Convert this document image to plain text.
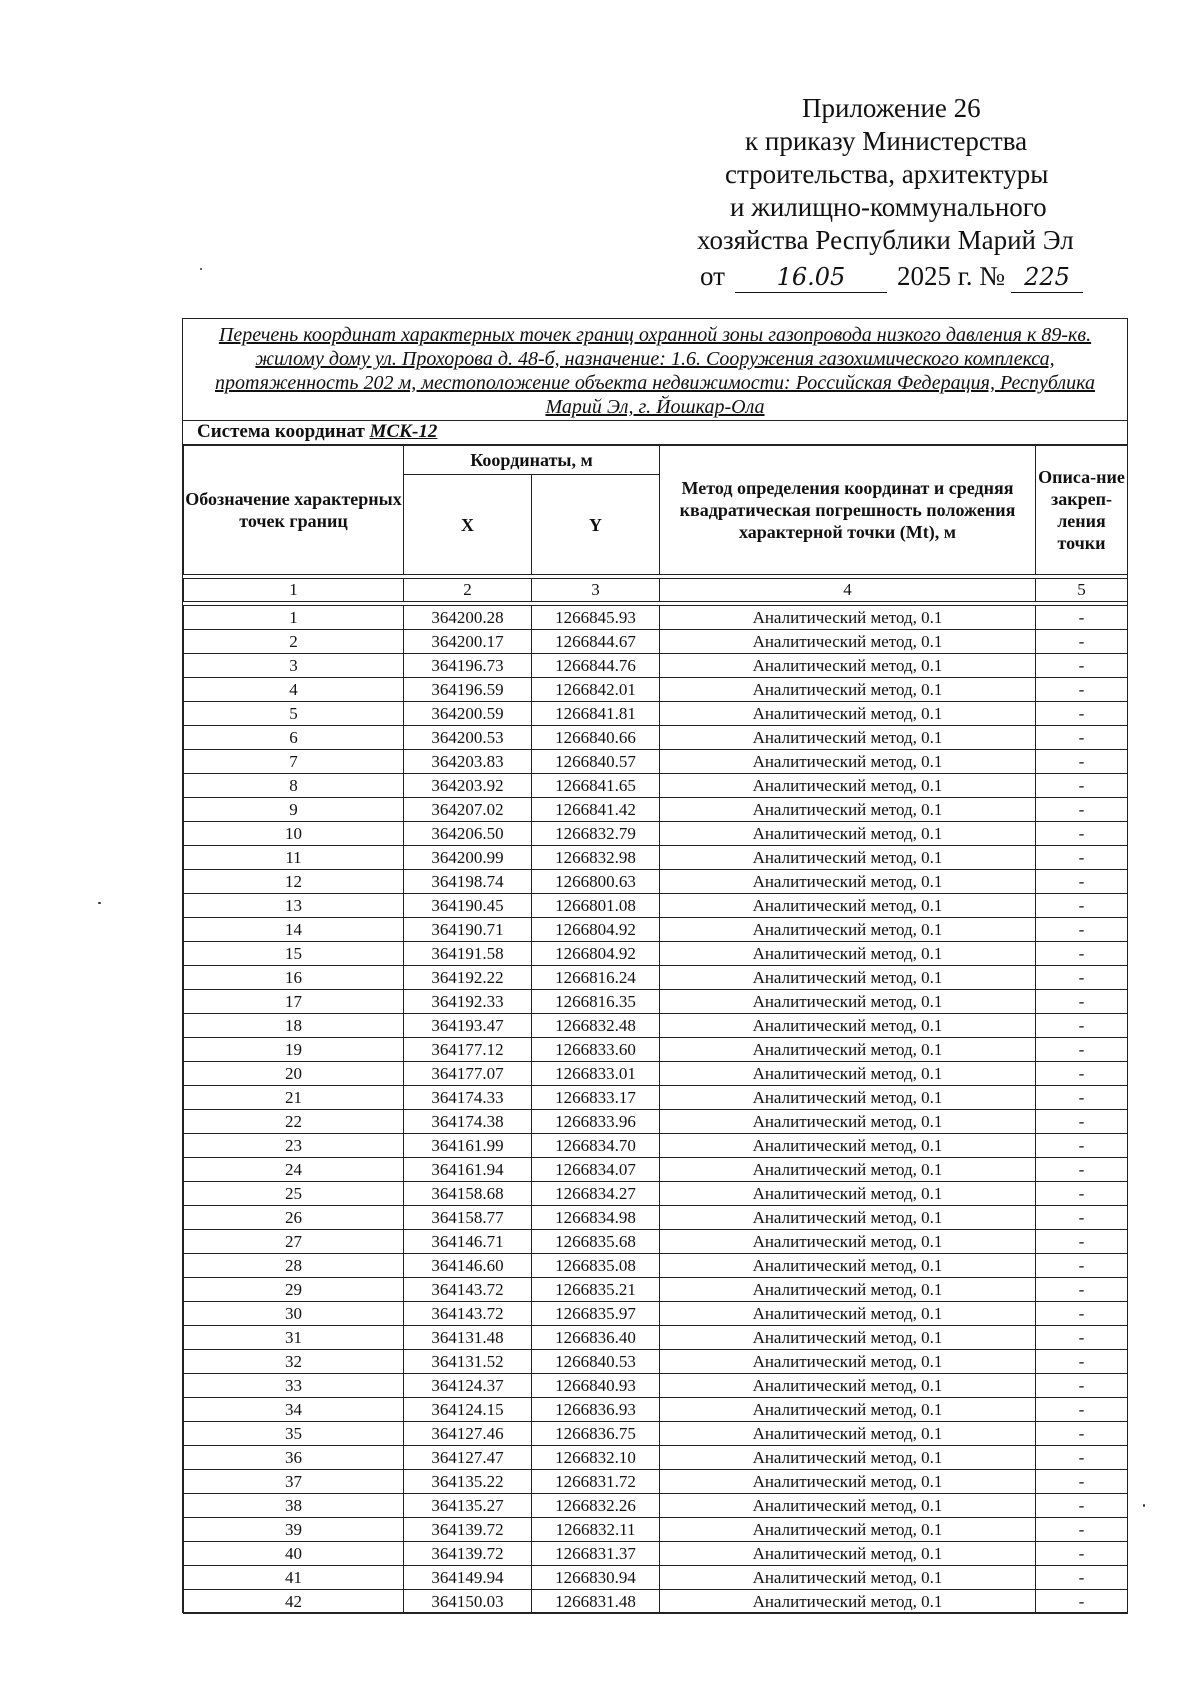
Приложение 26
к приказу Министерства
строительства, архитектуры
и жилищно-коммунального
хозяйства Республики Марий Эл
от	16.05	2025 г. № 225
Перечень координат характерных точек границ охранной зоны газопровода низкого давления к 89-кв. жилому дому ул. Прохорова д. 48-б, назначение: 1.6. Сооружения газохимического комплекса, протяженность 202 м, местоположение объекта недвижимости: Российская Федерация, Республика Марий Эл, г. Йошкар-Ола
Система координат МСК-12
Обозначение характерных точек границ	Координаты, м		Метод определения координат и средняя квадратическая погрешность положения характерной точки (Mt), м	Описа-ние закреп-ления точки
	X	Y		

1	2	3	4	5

1	364200.28	1266845.93	Аналитический метод, 0.1	-
2	364200.17	1266844.67	Аналитический метод, 0.1	-
3	364196.73	1266844.76	Аналитический метод, 0.1	-
4	364196.59	1266842.01	Аналитический метод, 0.1	-
5	364200.59	1266841.81	Аналитический метод, 0.1	-
6	364200.53	1266840.66	Аналитический метод, 0.1	-
7	364203.83	1266840.57	Аналитический метод, 0.1	-
8	364203.92	1266841.65	Аналитический метод, 0.1	-
9	364207.02	1266841.42	Аналитический метод, 0.1	-
10	364206.50	1266832.79	Аналитический метод, 0.1	-
11	364200.99	1266832.98	Аналитический метод, 0.1	-
12	364198.74	1266800.63	Аналитический метод, 0.1	-
13	364190.45	1266801.08	Аналитический метод, 0.1	-
14	364190.71	1266804.92	Аналитический метод, 0.1	-
15	364191.58	1266804.92	Аналитический метод, 0.1	-
16	364192.22	1266816.24	Аналитический метод, 0.1	-
17	364192.33	1266816.35	Аналитический метод, 0.1	-
18	364193.47	1266832.48	Аналитический метод, 0.1	-
19	364177.12	1266833.60	Аналитический метод, 0.1	-
20	364177.07	1266833.01	Аналитический метод, 0.1	-
21	364174.33	1266833.17	Аналитический метод, 0.1	-
22	364174.38	1266833.96	Аналитический метод, 0.1	-
23	364161.99	1266834.70	Аналитический метод, 0.1	-
24	364161.94	1266834.07	Аналитический метод, 0.1	-
25	364158.68	1266834.27	Аналитический метод, 0.1	-
26	364158.77	1266834.98	Аналитический метод, 0.1	-
27	364146.71	1266835.68	Аналитический метод, 0.1	-
28	364146.60	1266835.08	Аналитический метод, 0.1	-
29	364143.72	1266835.21	Аналитический метод, 0.1	-
30	364143.72	1266835.97	Аналитический метод, 0.1	-
31	364131.48	1266836.40	Аналитический метод, 0.1	-
32	364131.52	1266840.53	Аналитический метод, 0.1	-
33	364124.37	1266840.93	Аналитический метод, 0.1	-
34	364124.15	1266836.93	Аналитический метод, 0.1	-
35	364127.46	1266836.75	Аналитический метод, 0.1	-
36	364127.47	1266832.10	Аналитический метод, 0.1	-
37	364135.22	1266831.72	Аналитический метод, 0.1	-
38	364135.27	1266832.26	Аналитический метод, 0.1	-
39	364139.72	1266832.11	Аналитический метод, 0.1	-
40	364139.72	1266831.37	Аналитический метод, 0.1	-
41	364149.94	1266830.94	Аналитический метод, 0.1	-
42	364150.03	1266831.48	Аналитический метод, 0.1	-
